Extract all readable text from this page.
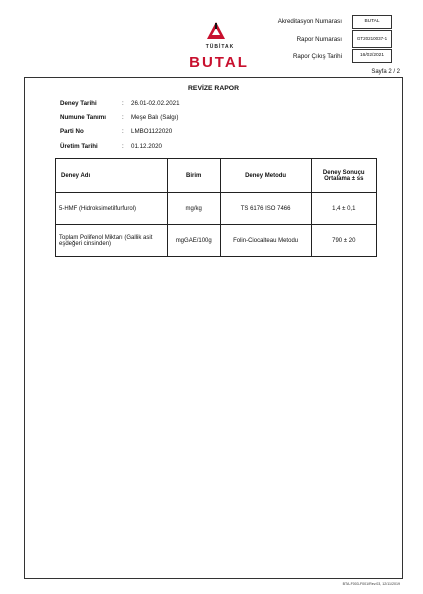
TÜBİTAK
BUTAL
Akreditasyon Numarası	BUTAL
Rapor Numarası	GT20210037-1
Rapor Çıkış Tarihi	16/02/2021
Sayfa 2 / 2
REVİZE RAPOR
Deney Tarihi	: 26.01-02.02.2021
Numune Tanımı	: Meşe Balı (Salgı)
Parti No	: LMBO1122020
Üretim Tarihi	: 01.12.2020
Deney Adı	Birim	Deney Metodu	Deney Sonuçu Ortalama ± ss
5-HMF (Hidroksimetilfurfurol)	mg/kg	TS 6176 ISO 7466	1,4 ± 0,1
Toplam Polifenol Miktarı (Gallik asit eşdeğeri cinsinden)	mgGAE/100g	Folin-Ciocalteau Metodu	790 ± 20
BTA-F003-F001/Rev.03, 12/11/2019
